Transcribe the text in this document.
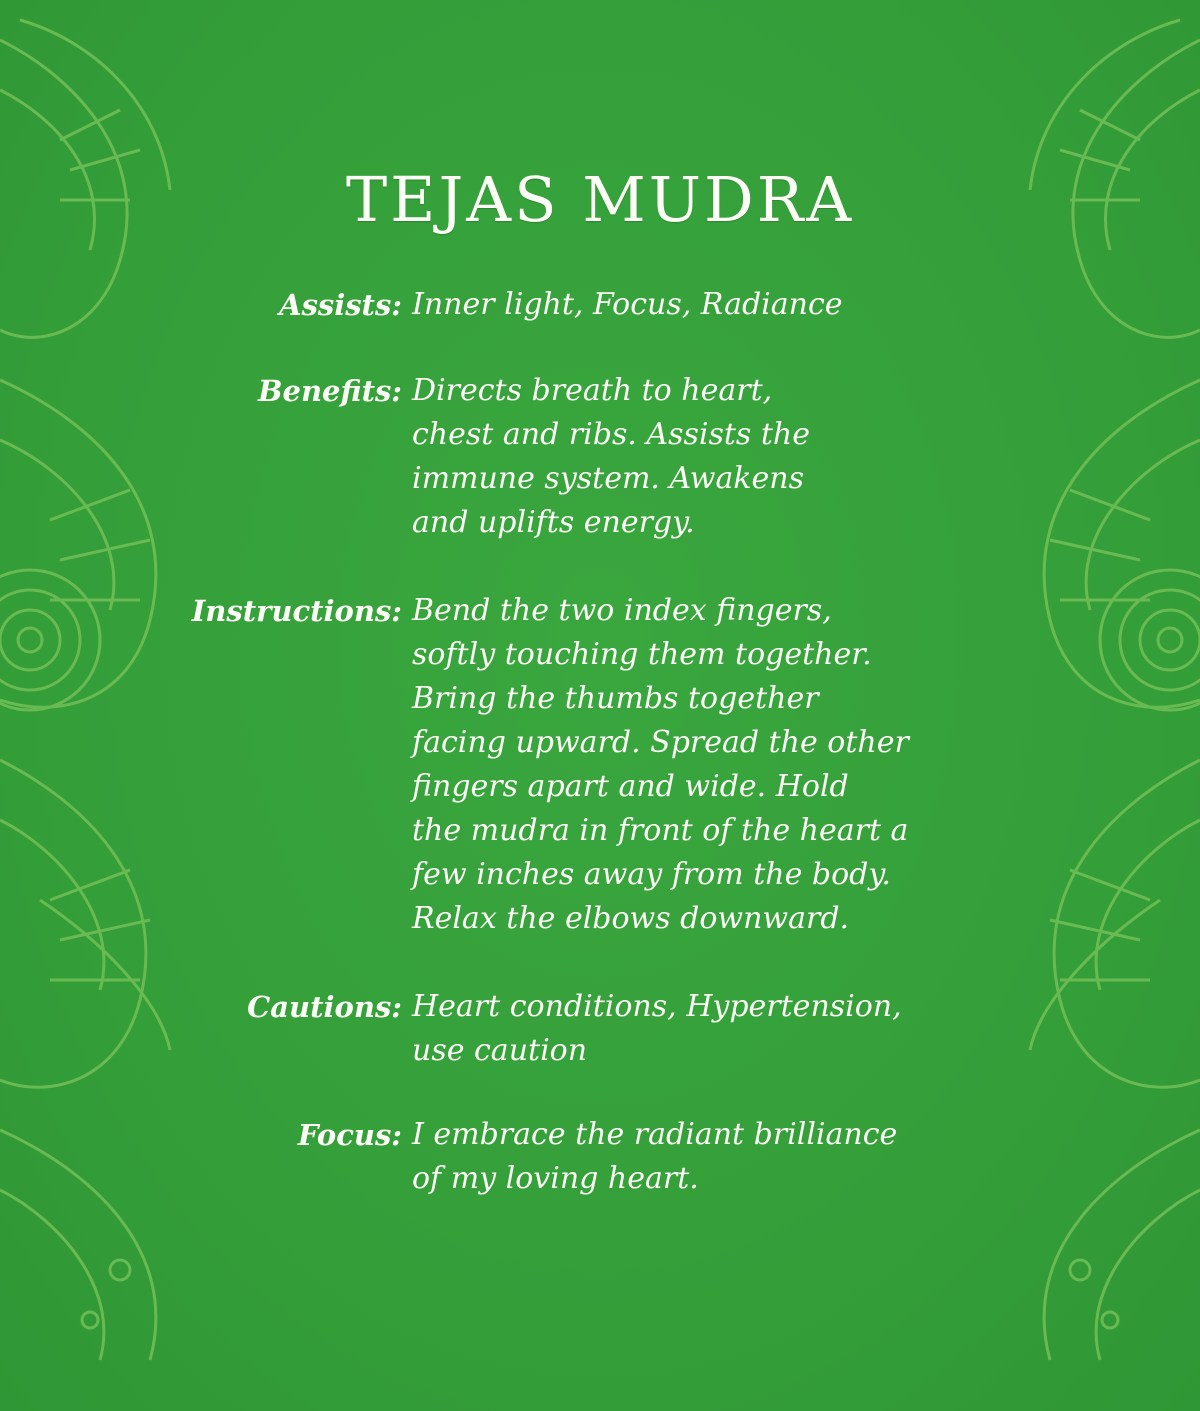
TEJAS MUDRA
Assists: Inner light, Focus, Radiance
Benefits: Directs breath to heart,
chest and ribs. Assists the
immune system. Awakens
and uplifts energy.
Instructions: Bend the two index fingers,
softly touching them together.
Bring the thumbs together
facing upward. Spread the other
fingers apart and wide. Hold
the mudra in front of the heart a
few inches away from the body.
Relax the elbows downward.
Cautions: Heart conditions, Hypertension,
use caution
Focus: I embrace the radiant brilliance
of my loving heart.
